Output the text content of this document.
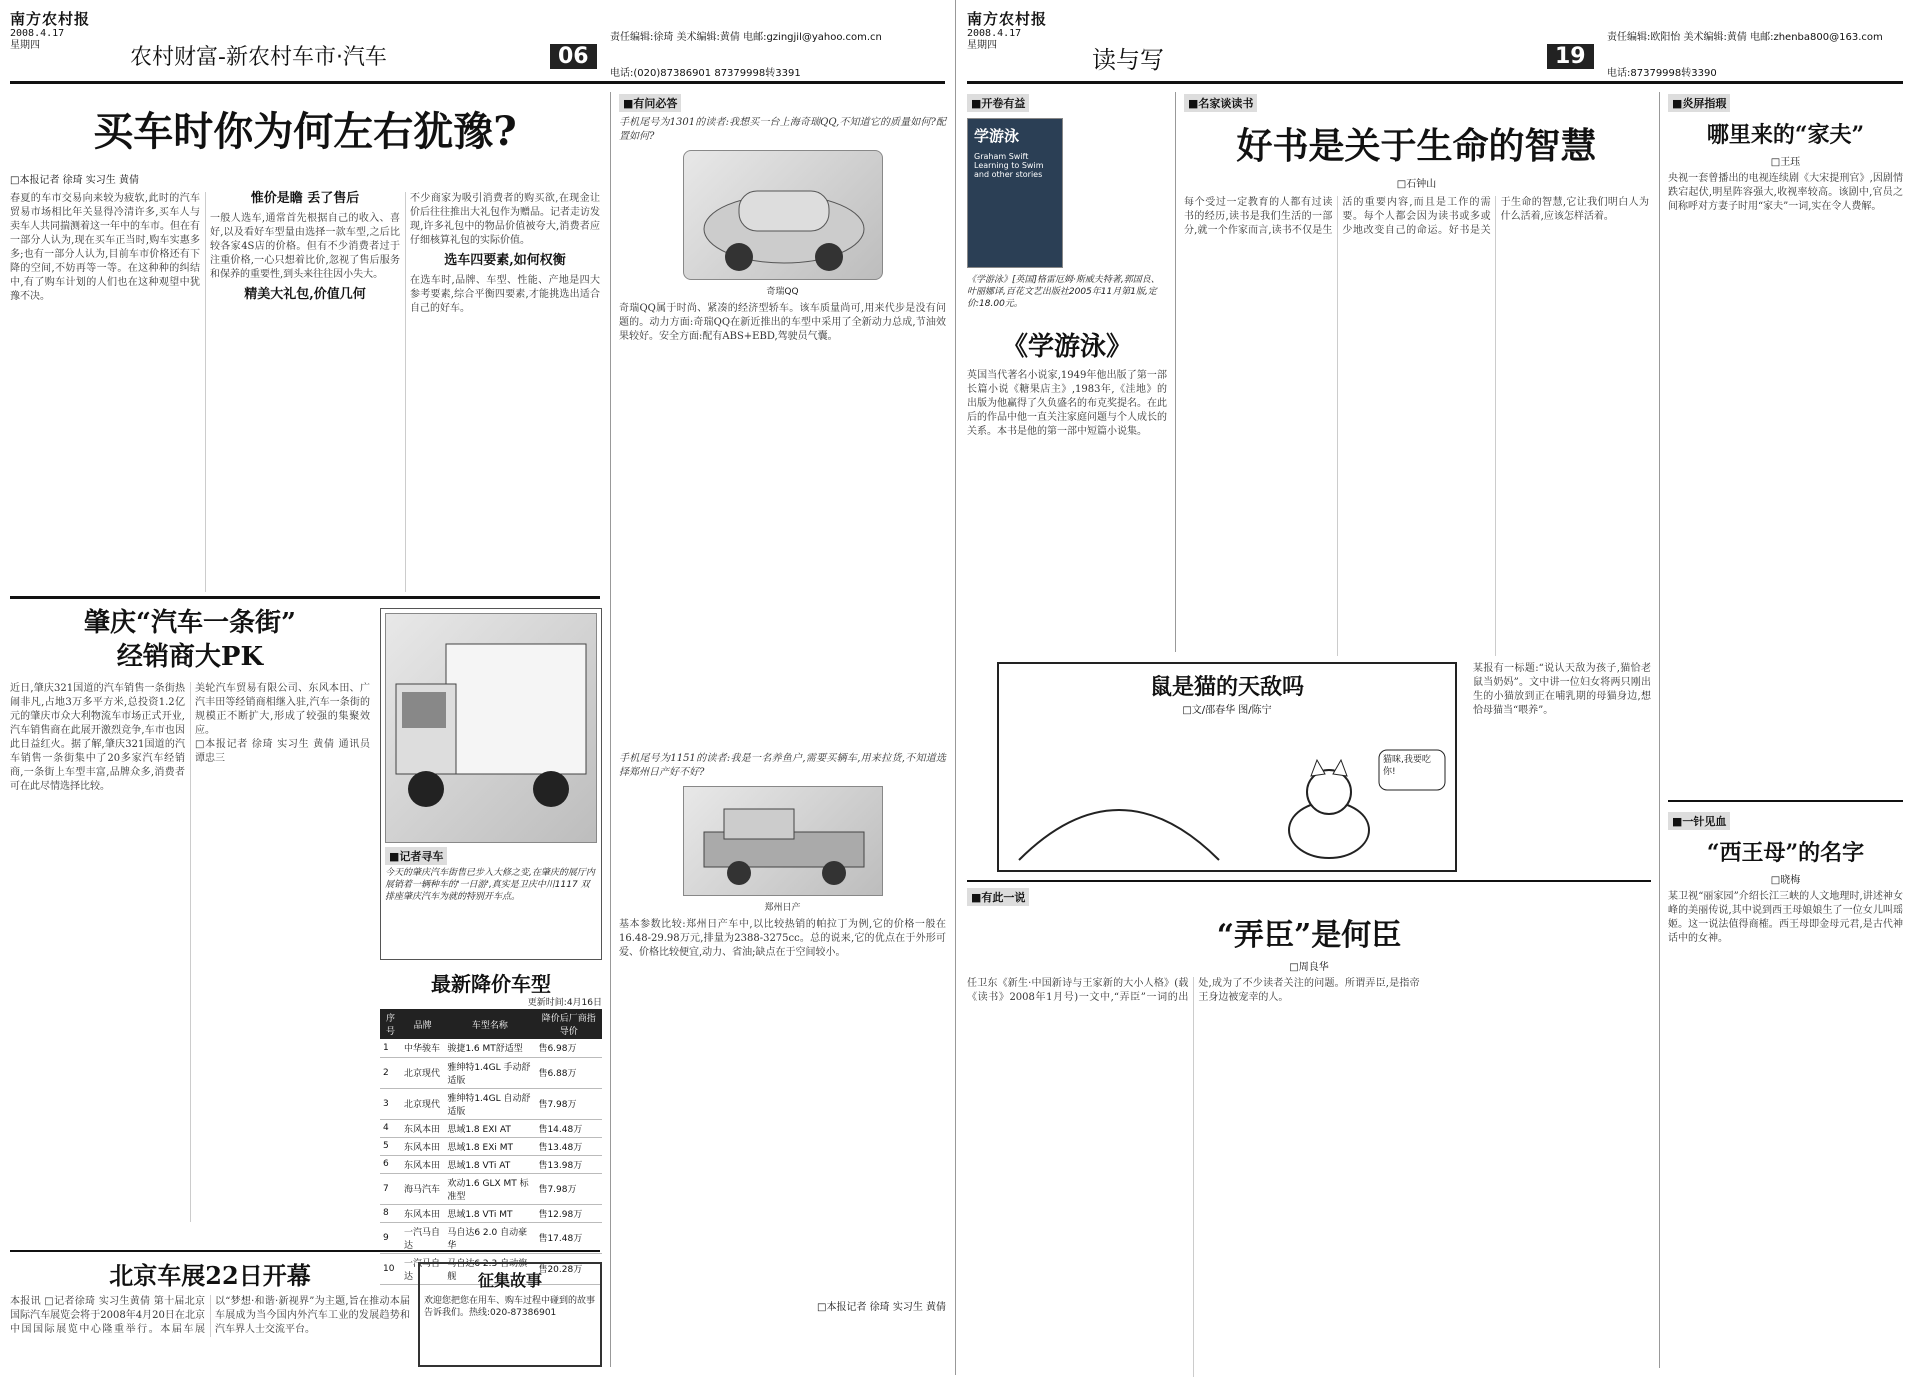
南方农村报
2008.4.17
星期四	农村财富-新农村车市·汽车	06
责任编辑:徐琦 美术编辑:黄倩 电邮:gzingjil@yahoo.com.cn
电话:(020)87386901 87379998转3391
买车时你为何左右犹豫?
□本报记者 徐琦 实习生 黄倩

春夏的车市交易向来较为疲软,此时的汽车贸易市场相比年关显得冷清许多,买车人与卖车人共同揣测着这一年中的车市。但在有一部分人认为,现在买车正当时,购车实惠多多;也有一部分人认为,目前车市价格还有下降的空间,不妨再等一等。在这种种的纠结中,有了购车计划的人们也在这种观望中犹豫不决。

惟价是瞻 丢了售后

一般人选车,通常首先根据自己的收入、喜好,以及看好车型量由选择一款车型,之后比较各家4S店的价格。但有不少消费者过于注重价格,一心只想着比价,忽视了售后服务和保养的重要性,到头来往往因小失大。

精美大礼包,价值几何

不少商家为吸引消费者的购买欲,在现金让价后往往推出大礼包作为赠品。记者走访发现,许多礼包中的物品价值被夸大,消费者应仔细核算礼包的实际价值。

选车四要素,如何权衡

在选车时,品牌、车型、性能、产地是四大参考要素,综合平衡四要素,才能挑选出适合自己的好车。

■有问必答
手机尾号为1301的读者:我想买一台上海奇瑞QQ,不知道它的质量如何?配置如何?
奇瑞QQ
奇瑞QQ属于时尚、紧凑的经济型轿车。该车质量尚可,用来代步是没有问题的。动力方面:奇瑞QQ在新近推出的车型中采用了全新动力总成,节油效果较好。安全方面:配有ABS+EBD,驾驶员气囊。
手机尾号为1151的读者:我是一名养鱼户,需要买辆车,用来拉货,不知道选择郑州日产好不好?
郑州日产
基本参数比较:郑州日产车中,以比较热销的帕拉丁为例,它的价格一般在16.48-29.98万元,排量为2388-3275cc。总的说来,它的优点在于外形可爱、价格比较便宜,动力、省油;缺点在于空间较小。
□本报记者 徐琦 实习生 黄倩
肇庆“汽车一条街”
经销商大PK

近日,肇庆321国道的汽车销售一条街热闹非凡,占地3万多平方米,总投资1.2亿元的肇庆市众大利物流车市场正式开业,汽车销售商在此展开激烈竞争,车市也因此日益红火。据了解,肇庆321国道的汽车销售一条街集中了20多家汽车经销商,一条街上车型丰富,品牌众多,消费者可在此尽情选择比较。

美轮汽车贸易有限公司、东风本田、广汽丰田等经销商相继入驻,汽车一条街的规模正不断扩大,形成了较强的集聚效应。

□本报记者 徐琦 实习生 黄倩 通讯员 谭忠三

■记者寻车
今天的肇庆汽车街售已步入大修之变,在肇庆的展厅内展销着一辆种车的'一日游',真实是卫庆中川1117 双排座肇庆汽车为就的特别开车点。
最新降价车型
更新时间:4月16日
序号	品牌	车型名称	降价后厂商指导价
1	中华骏车	骏捷1.6 MT舒适型	售6.98万
2	北京现代	雅绅特1.4GL 手动舒适版	售6.88万
3	北京现代	雅绅特1.4GL 自动舒适版	售7.98万
4	东风本田	思域1.8 EXI AT	售14.48万
5	东风本田	思域1.8 EXi MT	售13.48万
6	东风本田	思域1.8 VTi AT	售13.98万
7	海马汽车	欢动1.6 GLX MT 标准型	售7.98万
8	东风本田	思域1.8 VTi MT	售12.98万
9	一汽马自达	马自达6 2.0 自动豪华	售17.48万
10	一汽马自达	马自达6 2.3 自动旗舰	售20.28万
北京车展22日开幕
本报讯 □记者徐琦 实习生黄倩 第十届北京国际汽车展览会将于2008年4月20日在北京中国国际展览中心隆重举行。本届车展以“梦想·和谐·新视界”为主题,旨在推动本届车展成为当今国内外汽车工业的发展趋势和汽车界人士交流平台。
征集故事
欢迎您把您在用车、购车过程中碰到的故事告诉我们。热线:020-87386901
南方农村报
2008.4.17
星期四
读与写	19
责任编辑:欧阳怡 美术编辑:黄倩 电邮:zhenba800@163.com
电话:87379998转3390
■开卷有益
学游泳
Graham Swift
Learning to Swim
and other stories
《学游泳》[英国]格雷厄姆·斯威夫特著,郭国良、叶丽娜译,百花文艺出版社2005年11月第1版,定价:18.00元。
《学游泳》
英国当代著名小说家,1949年他出版了第一部长篇小说《糖果店主》,1983年,《洼地》的出版为他赢得了久负盛名的布克奖提名。在此后的作品中他一直关注家庭问题与个人成长的关系。本书是他的第一部中短篇小说集。
■名家谈读书
好书是关于生命的智慧
□石钟山
每个受过一定教育的人都有过读书的经历,读书是我们生活的一部分,就一个作家而言,读书不仅是生活的重要内容,而且是工作的需要。每个人都会因为读书或多或少地改变自己的命运。好书是关于生命的智慧,它让我们明白人为什么活着,应该怎样活着。
鼠是猫的天敌吗
□文/邵春华 图/陈宁
猫咪,我要吃你!
某报有一标题:“说认天敌为孩子,猫恰老鼠当奶妈”。文中讲一位妇女将两只刚出生的小猫放到正在哺乳期的母猫身边,想恰母猫当“喂养”。
■有此一说
“弄臣”是何臣
□周良华
任卫东《新生·中国新诗与王家新的大小人格》(载《读书》2008年1月号)一文中,“弄臣”一词的出处,成为了不少读者关注的问题。所谓弄臣,是指帝王身边被宠幸的人。
■炎屏指瑕
哪里来的“家夫”
□王珏
央视一套曾播出的电视连续剧《大宋提刑官》,因剧情跌宕起伏,明星阵容强大,收视率较高。该剧中,官员之间称呼对方妻子时用“家夫”一词,实在令人费解。
■一针见血
“西王母”的名字
□晓梅
某卫视“丽家园”介绍长江三峡的人文地理时,讲述神女峰的美丽传说,其中说到西王母娘娘生了一位女儿叫瑶姬。这一说法值得商榷。西王母即金母元君,是古代神话中的女神。
